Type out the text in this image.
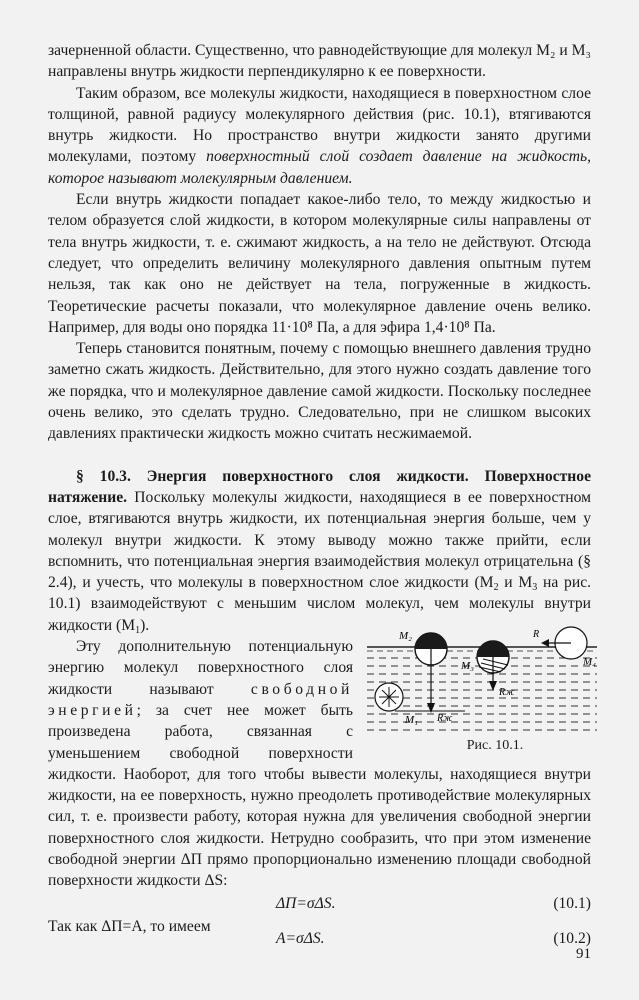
зачерненной области. Существенно, что равнодействующие для молекул M₂ и M₃ направлены внутрь жидкости перпендикулярно к ее поверхности.

Таким образом, все молекулы жидкости, находящиеся в поверхностном слое толщиной, равной радиусу молекулярного действия (рис. 10.1), втягиваются внутрь жидкости. Но пространство внутри жидкости занято другими молекулами, поэтому поверхностный слой создает давление на жидкость, которое называют молекулярным давлением.

Если внутрь жидкости попадает какое-либо тело, то между жидкостью и телом образуется слой жидкости, в котором молекулярные силы направлены от тела внутрь жидкости, т. е. сжимают жидкость, а на тело не действуют. Отсюда следует, что определить величину молекулярного давления опытным путем нельзя, так как оно не действует на тела, погруженные в жидкость. Теоретические расчеты показали, что молекулярное давление очень велико. Например, для воды оно порядка 11·10⁸ Па, а для эфира 1,4·10⁸ Па.

Теперь становится понятным, почему с помощью внешнего давления трудно заметно сжать жидкость. Действительно, для этого нужно создать давление того же порядка, что и молекулярное давление самой жидкости. Поскольку последнее очень велико, это сделать трудно. Следовательно, при не слишком высоких давлениях практически жидкость можно считать несжимаемой.

§ 10.3. Энергия поверхностного слоя жидкости. Поверхностное натяжение. Поскольку молекулы жидкости, находящиеся в ее поверхностном слое, втягиваются внутрь жидкости, их потенциальная энергия больше, чем у молекул внутри жидкости. К этому выводу можно также прийти, если вспомнить, что потенциальная энергия взаимодействия молекул отрицательна (§ 2.4), и учесть, что молекулы в поверхностном слое жидкости ($M_2$ и $M_3$ на рис. 10.1) взаимодействуют с меньшим числом молекул, чем молекулы внутри жидкости $(M_1)$.
M₂
M₃	M₄
M₁
R
Rж
Rж
Рис. 10.1.

Эту дополнительную потенциальную энергию молекул поверхностного слоя жидкости называют свободной энергией; за счет нее может быть произведена работа, связанная с уменьшением свободной поверхности жидкости. Наоборот, для того чтобы вывести молекулы, находящиеся внутри жидкости, на ее поверхность, нужно преодолеть противодействие молекулярных сил, т. е. произвести работу, которая нужна для увеличения свободной энергии поверхностного слоя жидкости. Нетрудно сообразить, что при этом изменение свободной энергии ΔП прямо пропорционально изменению площади свободной поверхности жидкости ΔS:

ΔП=σΔS.	(10.1)
Так как ΔП=A, то имеем
A=σΔS.	(10.2)
91
